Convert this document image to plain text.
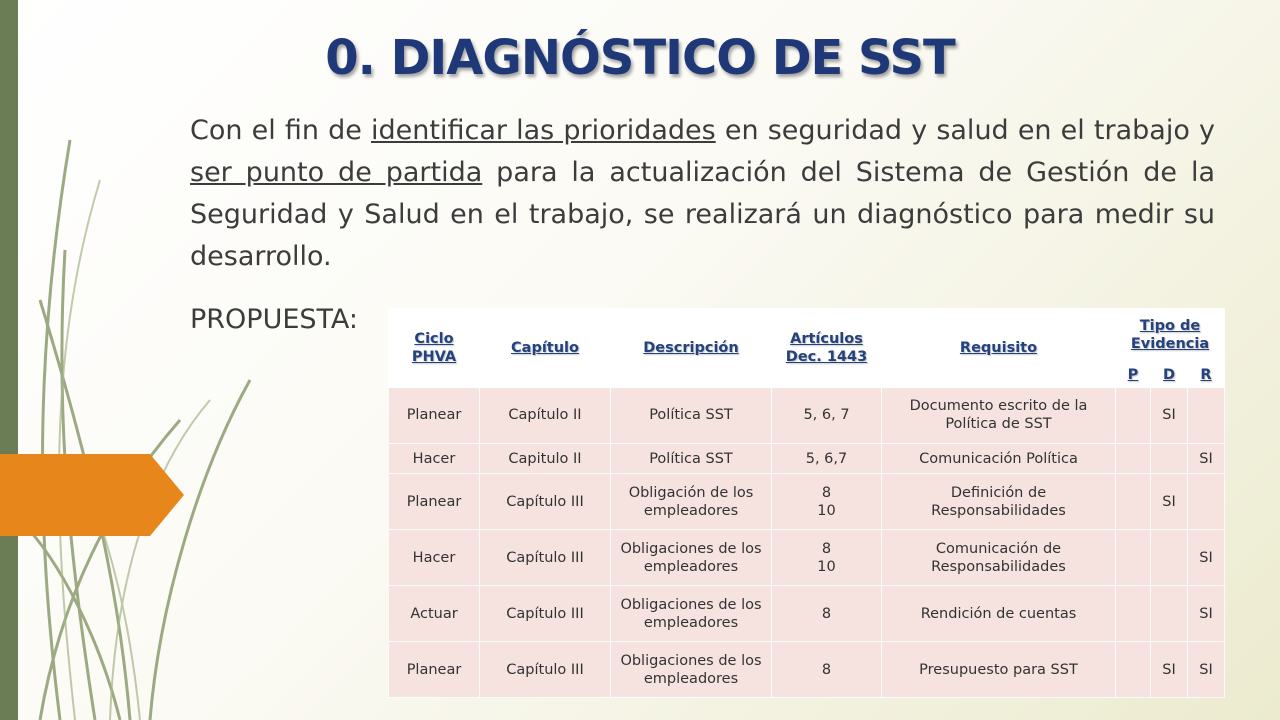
0. DIAGNÓSTICO DE SST

Con el fin de identificar las prioridades en seguridad y salud en el trabajo y ser punto de partida para la actualización del Sistema de Gestión de la Seguridad y Salud en el trabajo, se realizará un diagnóstico para medir su desarrollo.

PROPUESTA:

Ciclo PHVA	Capítulo	Descripción	Artículos Dec. 1443	Requisito	Tipo de Evidencia		
					P	D	R
Planear	Capítulo II	Política SST	5, 6, 7	Documento escrito de la Política de SST		SI	
Hacer	Capitulo II	Política SST	5, 6,7	Comunicación Política			SI
Planear	Capítulo III	Obligación de los empleadores	8
10	Definición de Responsabilidades		SI	
Hacer	Capítulo III	Obligaciones de los empleadores	8
10	Comunicación de Responsabilidades			SI
Actuar	Capítulo III	Obligaciones de los empleadores	8	Rendición de cuentas			SI
Planear	Capítulo III	Obligaciones de los empleadores	8	Presupuesto para SST		SI	SI
